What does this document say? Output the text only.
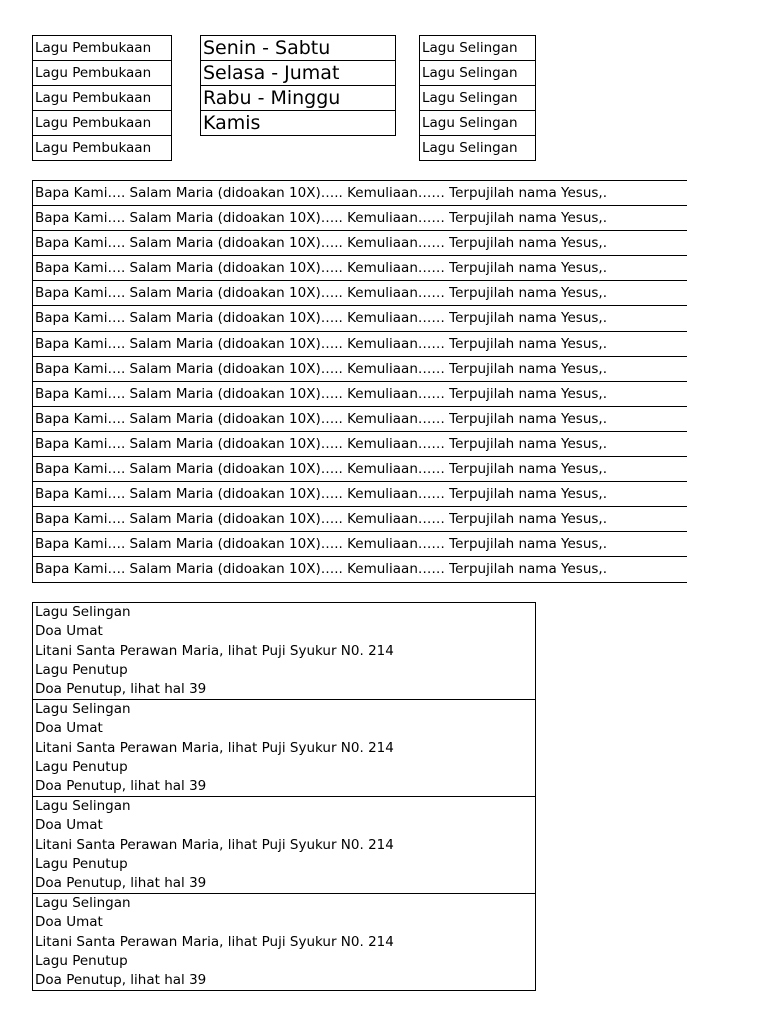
Lagu Pembukaan
Lagu Pembukaan
Lagu Pembukaan
Lagu Pembukaan
Lagu Pembukaan
Senin - Sabtu
Selasa - Jumat
Rabu - Minggu
Kamis
Lagu Selingan
Lagu Selingan
Lagu Selingan
Lagu Selingan
Lagu Selingan
Bapa Kami…. Salam Maria (didoakan 10X)….. Kemuliaan…… Terpujilah nama Yesus,.
Bapa Kami…. Salam Maria (didoakan 10X)….. Kemuliaan…… Terpujilah nama Yesus,.
Bapa Kami…. Salam Maria (didoakan 10X)….. Kemuliaan…… Terpujilah nama Yesus,.
Bapa Kami…. Salam Maria (didoakan 10X)….. Kemuliaan…… Terpujilah nama Yesus,.
Bapa Kami…. Salam Maria (didoakan 10X)….. Kemuliaan…… Terpujilah nama Yesus,.
Bapa Kami…. Salam Maria (didoakan 10X)….. Kemuliaan…… Terpujilah nama Yesus,.
Bapa Kami…. Salam Maria (didoakan 10X)….. Kemuliaan…… Terpujilah nama Yesus,.
Bapa Kami…. Salam Maria (didoakan 10X)….. Kemuliaan…… Terpujilah nama Yesus,.
Bapa Kami…. Salam Maria (didoakan 10X)….. Kemuliaan…… Terpujilah nama Yesus,.
Bapa Kami…. Salam Maria (didoakan 10X)….. Kemuliaan…… Terpujilah nama Yesus,.
Bapa Kami…. Salam Maria (didoakan 10X)….. Kemuliaan…… Terpujilah nama Yesus,.
Bapa Kami…. Salam Maria (didoakan 10X)….. Kemuliaan…… Terpujilah nama Yesus,.
Bapa Kami…. Salam Maria (didoakan 10X)….. Kemuliaan…… Terpujilah nama Yesus,.
Bapa Kami…. Salam Maria (didoakan 10X)….. Kemuliaan…… Terpujilah nama Yesus,.
Bapa Kami…. Salam Maria (didoakan 10X)….. Kemuliaan…… Terpujilah nama Yesus,.
Bapa Kami…. Salam Maria (didoakan 10X)….. Kemuliaan…… Terpujilah nama Yesus,.
Lagu Selingan
Doa Umat
Litani Santa Perawan Maria, lihat Puji Syukur N0. 214
Lagu Penutup
Doa Penutup, lihat hal 39
Lagu Selingan
Doa Umat
Litani Santa Perawan Maria, lihat Puji Syukur N0. 214
Lagu Penutup
Doa Penutup, lihat hal 39
Lagu Selingan
Doa Umat
Litani Santa Perawan Maria, lihat Puji Syukur N0. 214
Lagu Penutup
Doa Penutup, lihat hal 39
Lagu Selingan
Doa Umat
Litani Santa Perawan Maria, lihat Puji Syukur N0. 214
Lagu Penutup
Doa Penutup, lihat hal 39
